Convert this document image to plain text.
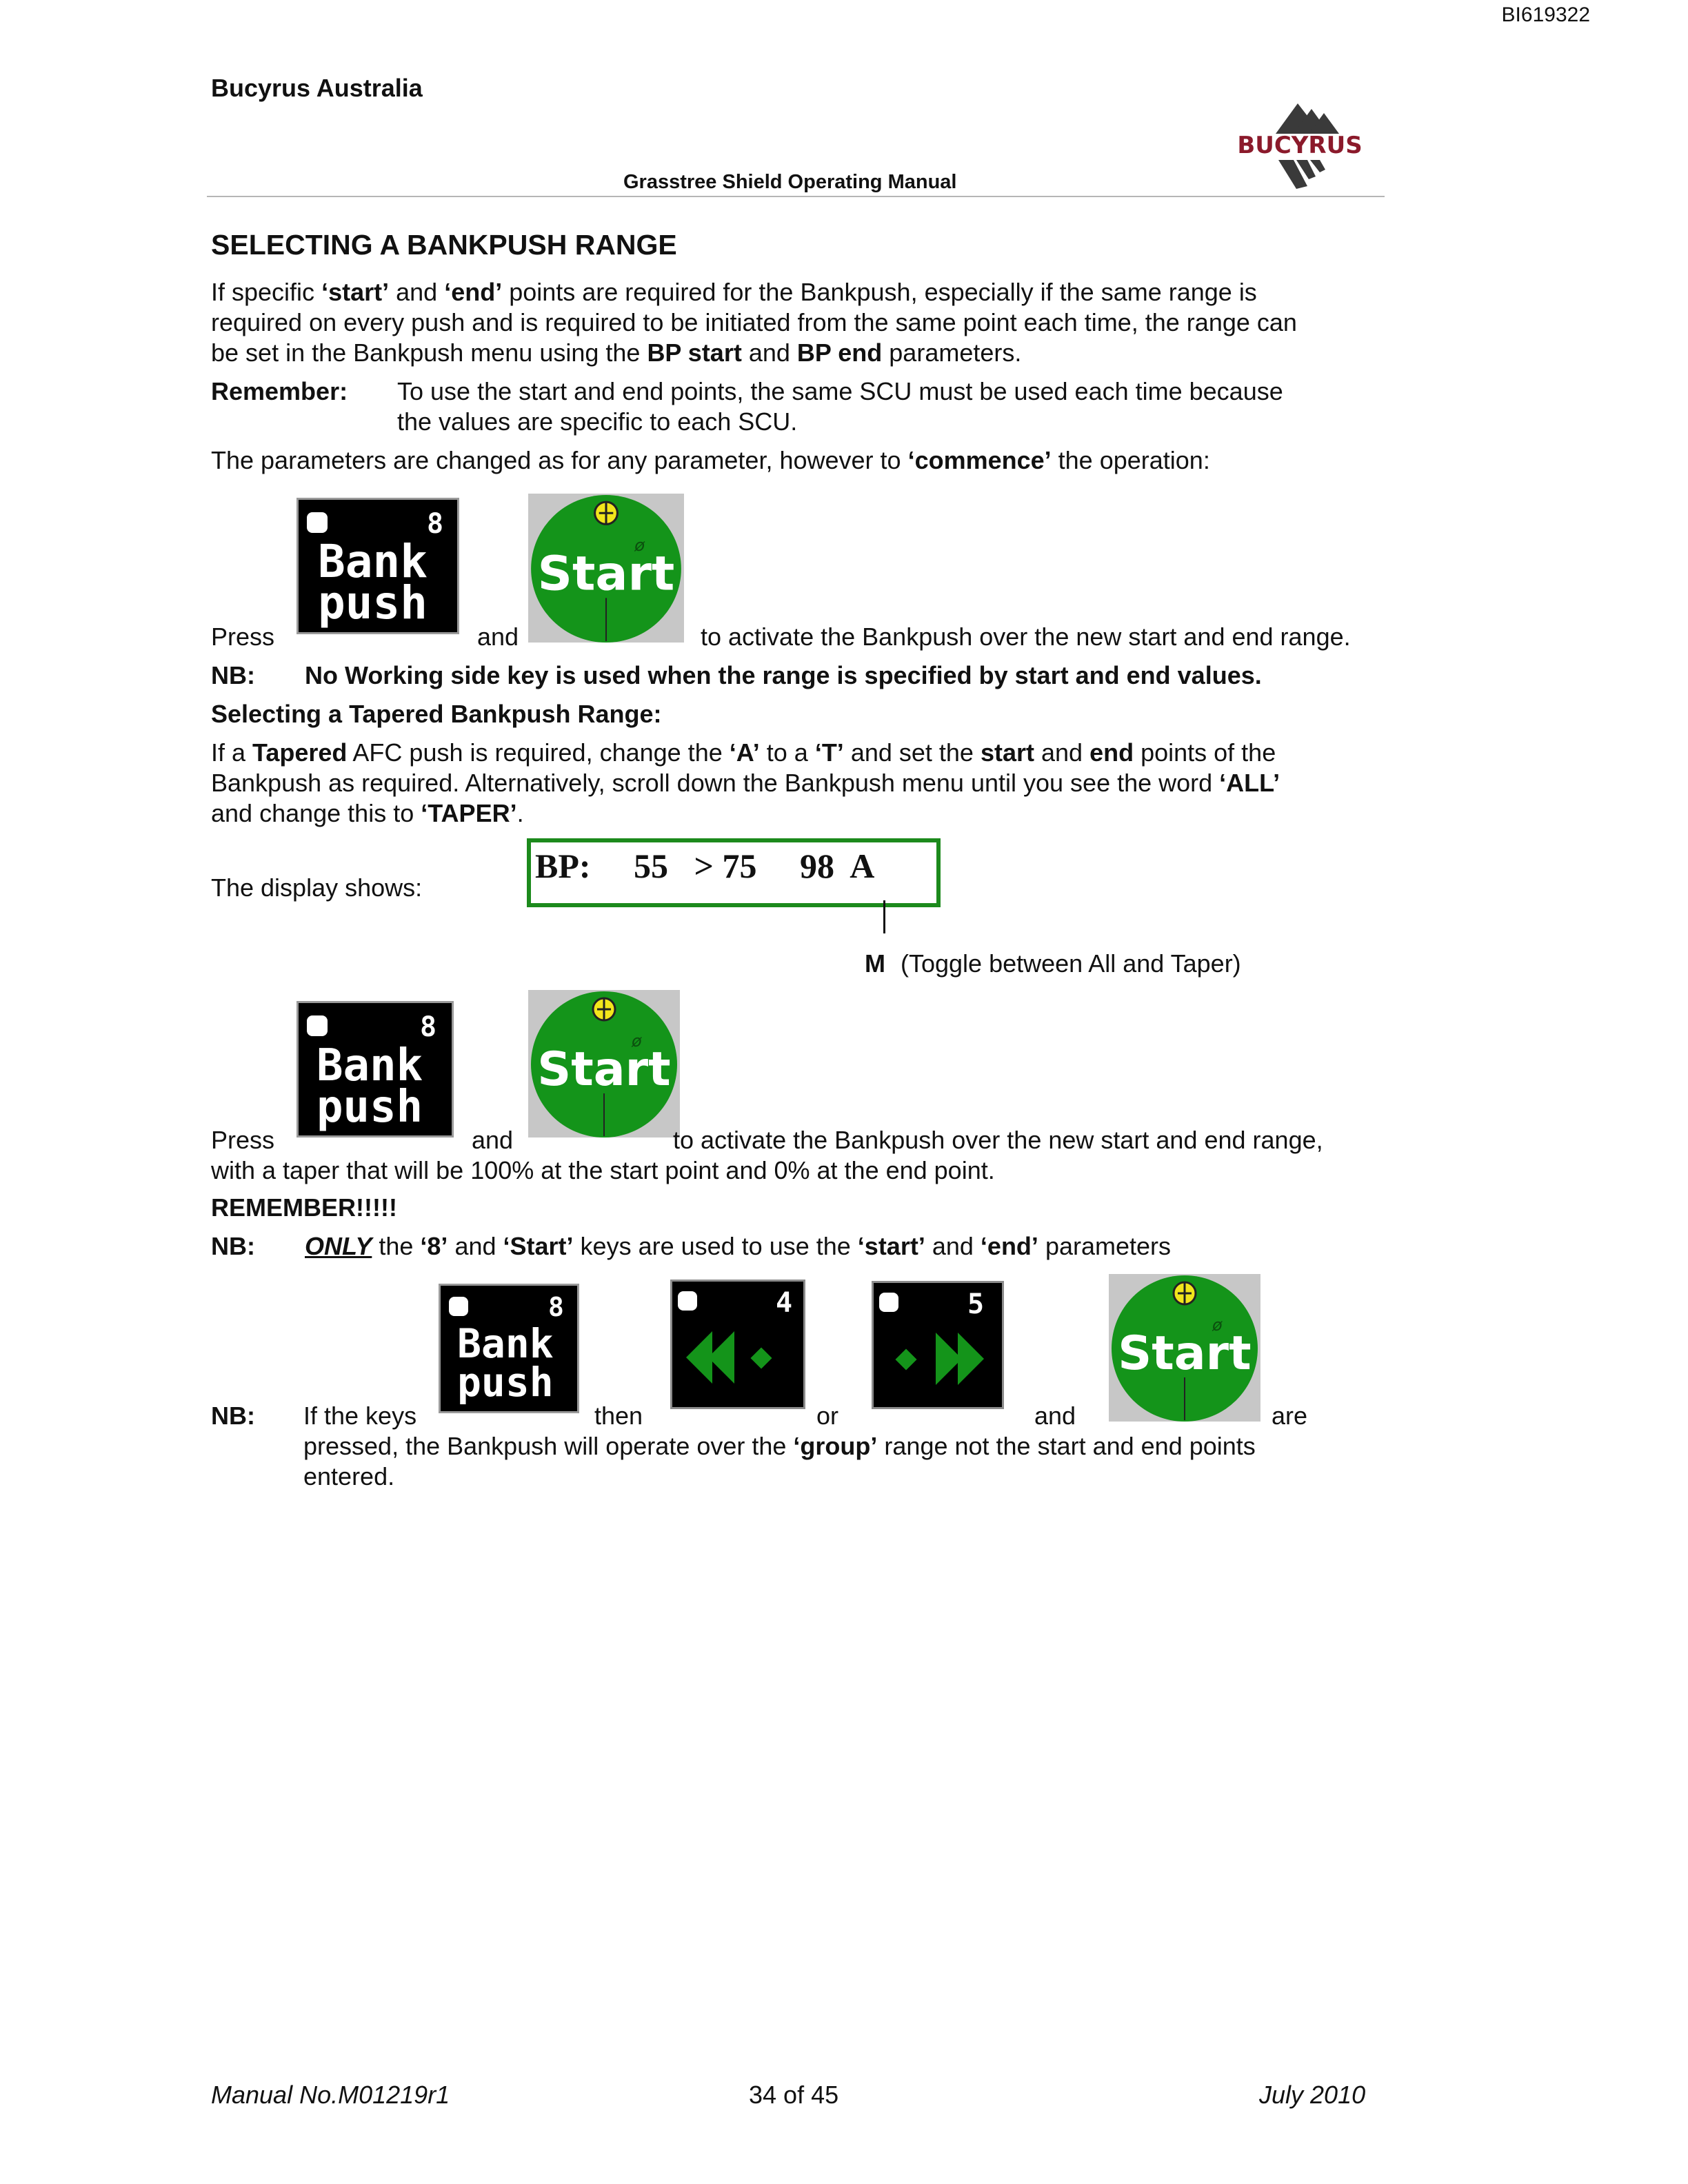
BI619322
Bucyrus Australia
BUCYRUS
Grasstree Shield Operating Manual
SELECTING A BANKPUSH RANGE
If specific ‘start’ and ‘end’ points are required for the Bankpush, especially if the same range is
required on every push and is required to be initiated from the same point each time, the range can
be set in the Bankpush menu using the BP start and BP end parameters.
Remember: To use the start and end points, the same SCU must be used each time because
the values are specific to each SCU.
The parameters are changed as for any parameter, however to ‘commence’ the operation:
Press
8
Bank
push
and
Start
to activate the Bankpush over the new start and end range.
NB: No Working side key is used when the range is specified by start and end values.
Selecting a Tapered Bankpush Range:
If a Tapered AFC push is required, change the ‘A’ to a ‘T’ and set the start and end points of the
Bankpush as required. Alternatively, scroll down the Bankpush menu until you see the word ‘ALL’
and change this to ‘TAPER’.
The display shows:
BP:     55   > 75     98  A
M (Toggle between All and Taper)
Press
8
Bank
push
and
Start
to activate the Bankpush over the new start and end range,
with a taper that will be 100% at the start point and 0% at the end point.
REMEMBER!!!!!
NB: ONLY the ‘8’ and ‘Start’ keys are used to use the ‘start’ and ‘end’ parameters
NB: If the keys
8
Bank
push
then
4
or
5
and
Start
are
pressed, the Bankpush will operate over the ‘group’ range not the start and end points
entered.
Manual No.M01219r1	34 of 45	July 2010
